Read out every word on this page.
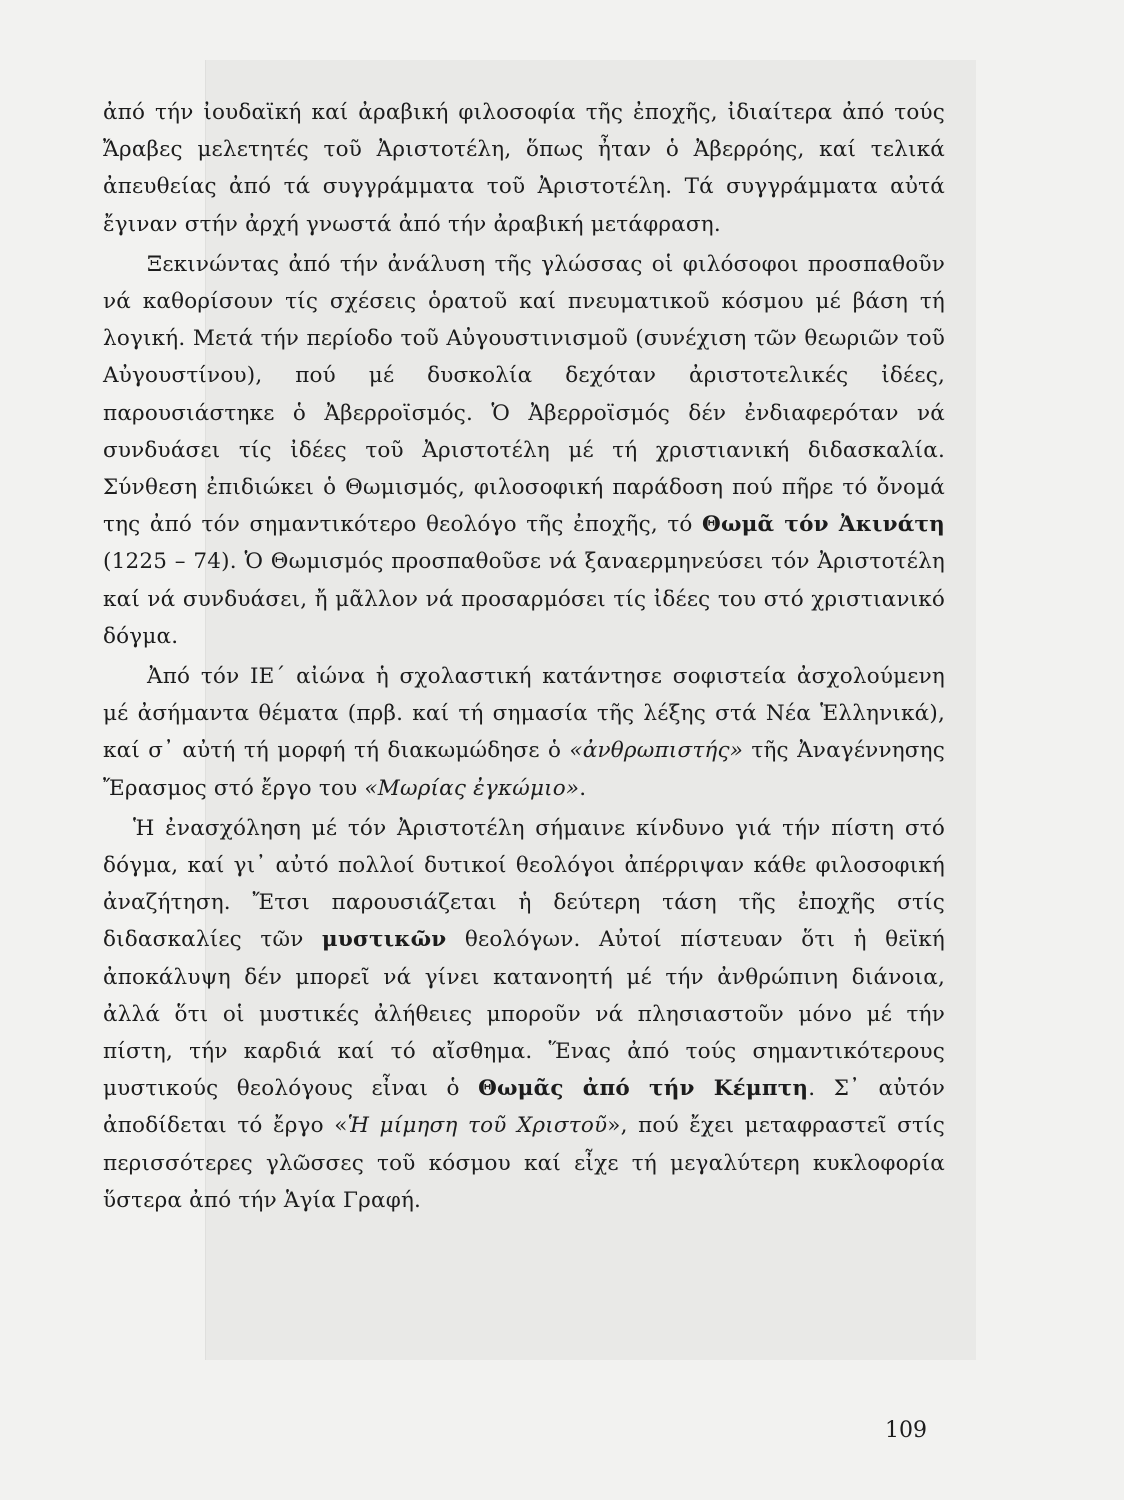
ἀπό τήν ἰουδαϊκή καί ἀραβική φιλοσοφία τῆς ἐποχῆς, ἰδιαίτερα ἀπό τούς Ἄραβες μελετητές τοῦ Ἀριστοτέλη, ὅπως ἦταν ὁ Ἀβερρόης, καί τελικά ἀπευθείας ἀπό τά συγγράμματα τοῦ Ἀριστοτέλη. Τά συγγράμματα αὐτά ἔγιναν στήν ἀρχή γνωστά ἀπό τήν ἀραβική μετάφραση.

Ξεκινώντας ἀπό τήν ἀνάλυση τῆς γλώσσας οἱ φιλόσοφοι προσπαθοῦν νά καθορίσουν τίς σχέσεις ὁρατοῦ καί πνευματικοῦ κόσμου μέ βάση τή λογική. Μετά τήν περίοδο τοῦ Αὐγουστινισμοῦ (συνέχιση τῶν θεωριῶν τοῦ Αὐγουστίνου), πού μέ δυσκολία δεχόταν ἀριστοτελικές ἰδέες, παρουσιάστηκε ὁ Ἀβερροϊσμός. Ὁ Ἀβερροϊσμός δέν ἐνδιαφερόταν νά συνδυάσει τίς ἰδέες τοῦ Ἀριστοτέλη μέ τή χριστιανική διδασκαλία. Σύνθεση ἐπιδιώκει ὁ Θωμισμός, φιλοσοφική παράδοση πού πῆρε τό ὄνομά της ἀπό τόν σημαντικότερο θεολόγο τῆς ἐποχῆς, τό Θωμᾶ τόν Ἀκινάτη (1225 – 74). Ὁ Θωμισμός προσπαθοῦσε νά ξαναερμηνεύσει τόν Ἀριστοτέλη καί νά συνδυάσει, ἤ μᾶλλον νά προσαρμόσει τίς ἰδέες του στό χριστιανικό δόγμα.

Ἀπό τόν ΙΕ΄ αἰώνα ἡ σχολαστική κατάντησε σοφιστεία ἀσχολούμενη μέ ἀσήμαντα θέματα (πρβ. καί τή σημασία τῆς λέξης στά Νέα Ἑλληνικά), καί σ᾽ αὐτή τή μορφή τή διακωμώδησε ὁ «ἀνθρωπιστής» τῆς Ἀναγέννησης Ἔρασμος στό ἔργο του «Μωρίας ἐγκώμιο».

Ἡ ἐνασχόληση μέ τόν Ἀριστοτέλη σήμαινε κίνδυνο γιά τήν πίστη στό δόγμα, καί γι᾽ αὐτό πολλοί δυτικοί θεολόγοι ἀπέρριψαν κάθε φιλοσοφική ἀναζήτηση. Ἔτσι παρουσιάζεται ἡ δεύτερη τάση τῆς ἐποχῆς στίς διδασκαλίες τῶν μυστικῶν θεολόγων. Αὐτοί πίστευαν ὅτι ἡ θεϊκή ἀποκάλυψη δέν μπορεῖ νά γίνει κατανοητή μέ τήν ἀνθρώπινη διάνοια, ἀλλά ὅτι οἱ μυστικές ἀλήθειες μποροῦν νά πλησιαστοῦν μόνο μέ τήν πίστη, τήν καρδιά καί τό αἴσθημα. Ἕνας ἀπό τούς σημαντικότερους μυστικούς θεολόγους εἶναι ὁ Θωμᾶς ἀπό τήν Κέμπτη. Σ᾽ αὐτόν ἀποδίδεται τό ἔργο «Ἡ μίμηση τοῦ Χριστοῦ», πού ἔχει μεταφραστεῖ στίς περισσότερες γλῶσσες τοῦ κόσμου καί εἶχε τή μεγαλύτερη κυκλοφορία ὕστερα ἀπό τήν Ἁγία Γραφή.

109
